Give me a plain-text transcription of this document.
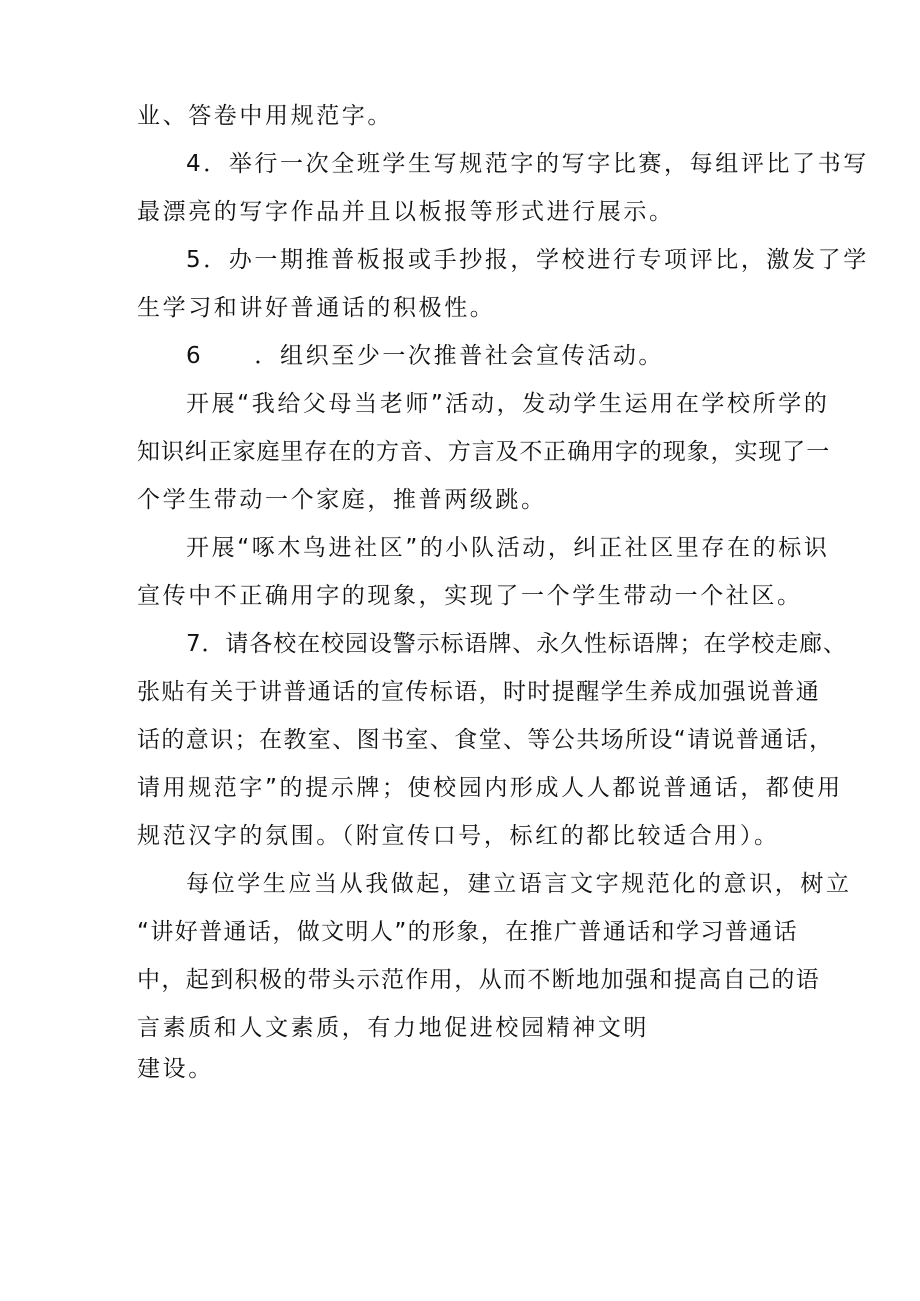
业、答卷中用规范字。
4．举行一次全班学生写规范字的写字比赛，每组评比了书写
最漂亮的写字作品并且以板报等形式进行展示。
5．办一期推普板报或手抄报，学校进行专项评比，激发了学
生学习和讲好普通话的积极性。
6　　．组织至少一次推普社会宣传活动。
开展“我给父母当老师”活动，发动学生运用在学校所学的
知识纠正家庭里存在的方音、方言及不正确用字的现象，实现了一
个学生带动一个家庭，推普两级跳。
开展“啄木鸟进社区”的小队活动，纠正社区里存在的标识
宣传中不正确用字的现象，实现了一个学生带动一个社区。
7．请各校在校园设警示标语牌、永久性标语牌；在学校走廊、
张贴有关于讲普通话的宣传标语，时时提醒学生养成加强说普通
话的意识；在教室、图书室、食堂、等公共场所设“请说普通话，
请用规范字”的提示牌；使校园内形成人人都说普通话，都使用
规范汉字的氛围。（附宣传口号，标红的都比较适合用）。
每位学生应当从我做起，建立语言文字规范化的意识，树立
“讲好普通话，做文明人”的形象，在推广普通话和学习普通话
中，起到积极的带头示范作用，从而不断地加强和提高自己的语
言素质和人文素质，有力地促进校园精神文明
建设。
